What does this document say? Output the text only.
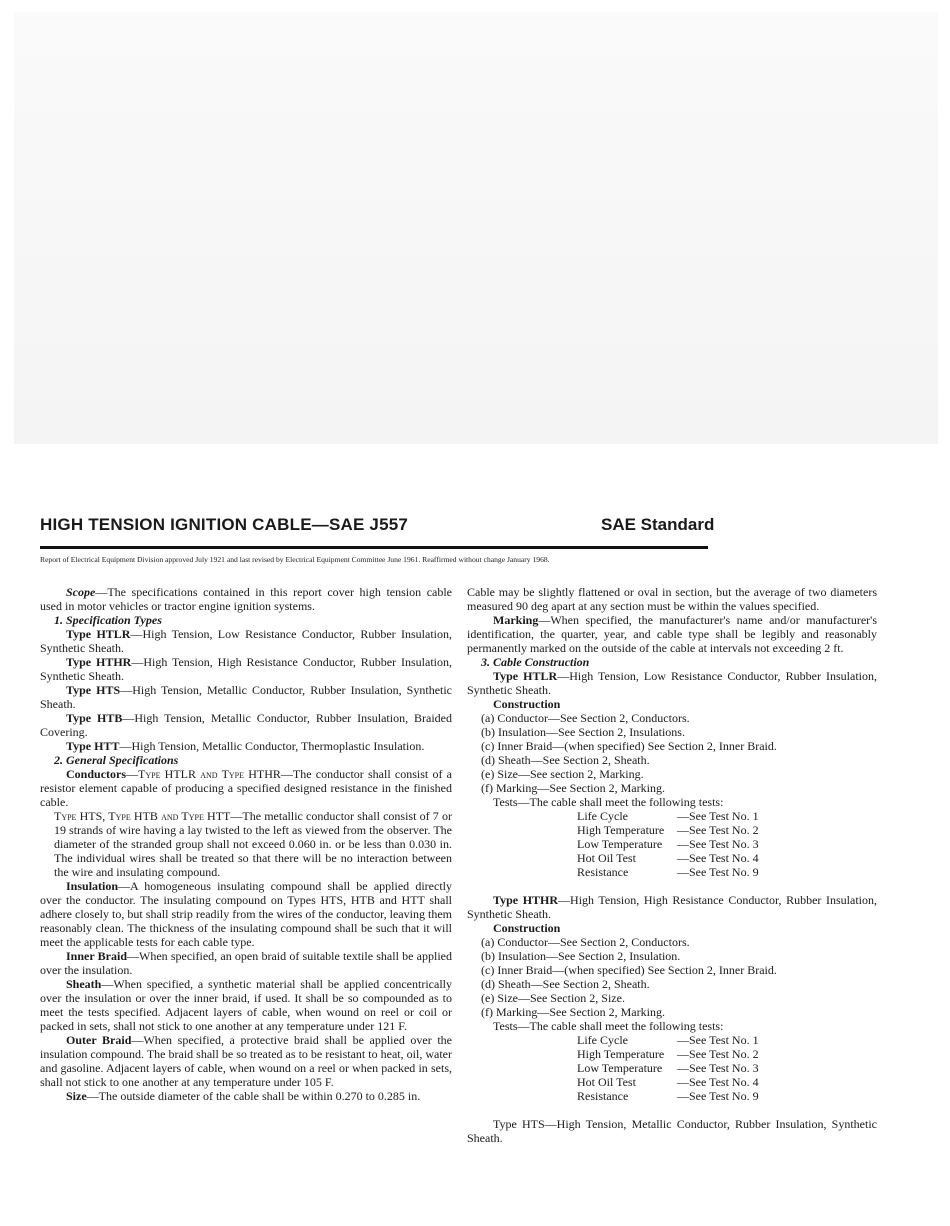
HIGH TENSION IGNITION CABLE—SAE J557	SAE Standard
Report of Electrical Equipment Division approved July 1921 and last revised by Electrical Equipment Committee June 1961. Reaffirmed without change January 1968.

Scope—The specifications contained in this report cover high tension cable used in motor vehicles or tractor engine ignition systems.

1. Specification Types

Type HTLR—High Tension, Low Resistance Conductor, Rubber Insulation, Synthetic Sheath.

Type HTHR—High Tension, High Resistance Conductor, Rubber Insulation, Synthetic Sheath.

Type HTS—High Tension, Metallic Conductor, Rubber Insulation, Synthetic Sheath.

Type HTB—High Tension, Metallic Conductor, Rubber Insulation, Braided Covering.

Type HTT—High Tension, Metallic Conductor, Thermoplastic Insulation.

2. General Specifications

Conductors—Type HTLR and Type HTHR—The conductor shall consist of a resistor element capable of producing a specified designed resistance in the finished cable.

Type HTS, Type HTB and Type HTT—The metallic conductor shall consist of 7 or 19 strands of wire having a lay twisted to the left as viewed from the observer. The diameter of the stranded group shall not exceed 0.060 in. or be less than 0.030 in. The individual wires shall be treated so that there will be no interaction between the wire and insulating compound.

Insulation—A homogeneous insulating compound shall be applied directly over the conductor. The insulating compound on Types HTS, HTB and HTT shall adhere closely to, but shall strip readily from the wires of the conductor, leaving them reasonably clean. The thickness of the insulating compound shall be such that it will meet the applicable tests for each cable type.

Inner Braid—When specified, an open braid of suitable textile shall be applied over the insulation.

Sheath—When specified, a synthetic material shall be applied concentrically over the insulation or over the inner braid, if used. It shall be so compounded as to meet the tests specified. Adjacent layers of cable, when wound on reel or coil or packed in sets, shall not stick to one another at any temperature under 121 F.

Outer Braid—When specified, a protective braid shall be applied over the insulation compound. The braid shall be so treated as to be resistant to heat, oil, water and gasoline. Adjacent layers of cable, when wound on a reel or when packed in sets, shall not stick to one another at any temperature under 105 F.

Size—The outside diameter of the cable shall be within 0.270 to 0.285 in.

Cable may be slightly flattened or oval in section, but the average of two diameters measured 90 deg apart at any section must be within the values specified.

Marking—When specified, the manufacturer's name and/or manufacturer's identification, the quarter, year, and cable type shall be legibly and reasonably permanently marked on the outside of the cable at intervals not exceeding 2 ft.

3. Cable Construction

Type HTLR—High Tension, Low Resistance Conductor, Rubber Insulation, Synthetic Sheath.

Construction

(a) Conductor—See Section 2, Conductors.

(b) Insulation—See Section 2, Insulations.

(c) Inner Braid—(when specified) See Section 2, Inner Braid.

(d) Sheath—See Section 2, Sheath.

(e) Size—See section 2, Marking.

(f) Marking—See Section 2, Marking.

Tests—The cable shall meet the following tests:

Life Cycle	—See Test No. 1
High Temperature	—See Test No. 2
Low Temperature	—See Test No. 3
Hot Oil Test	—See Test No. 4
Resistance	—See Test No. 9

Type HTHR—High Tension, High Resistance Conductor, Rubber Insulation, Synthetic Sheath.

Construction

(a) Conductor—See Section 2, Conductors.

(b) Insulation—See Section 2, Insulation.

(c) Inner Braid—(when specified) See Section 2, Inner Braid.

(d) Sheath—See Section 2, Sheath.

(e) Size—See Section 2, Size.

(f) Marking—See Section 2, Marking.

Tests—The cable shall meet the following tests:

Life Cycle	—See Test No. 1
High Temperature	—See Test No. 2
Low Temperature	—See Test No. 3
Hot Oil Test	—See Test No. 4
Resistance	—See Test No. 9

Type HTS—High Tension, Metallic Conductor, Rubber Insulation, Synthetic Sheath.
